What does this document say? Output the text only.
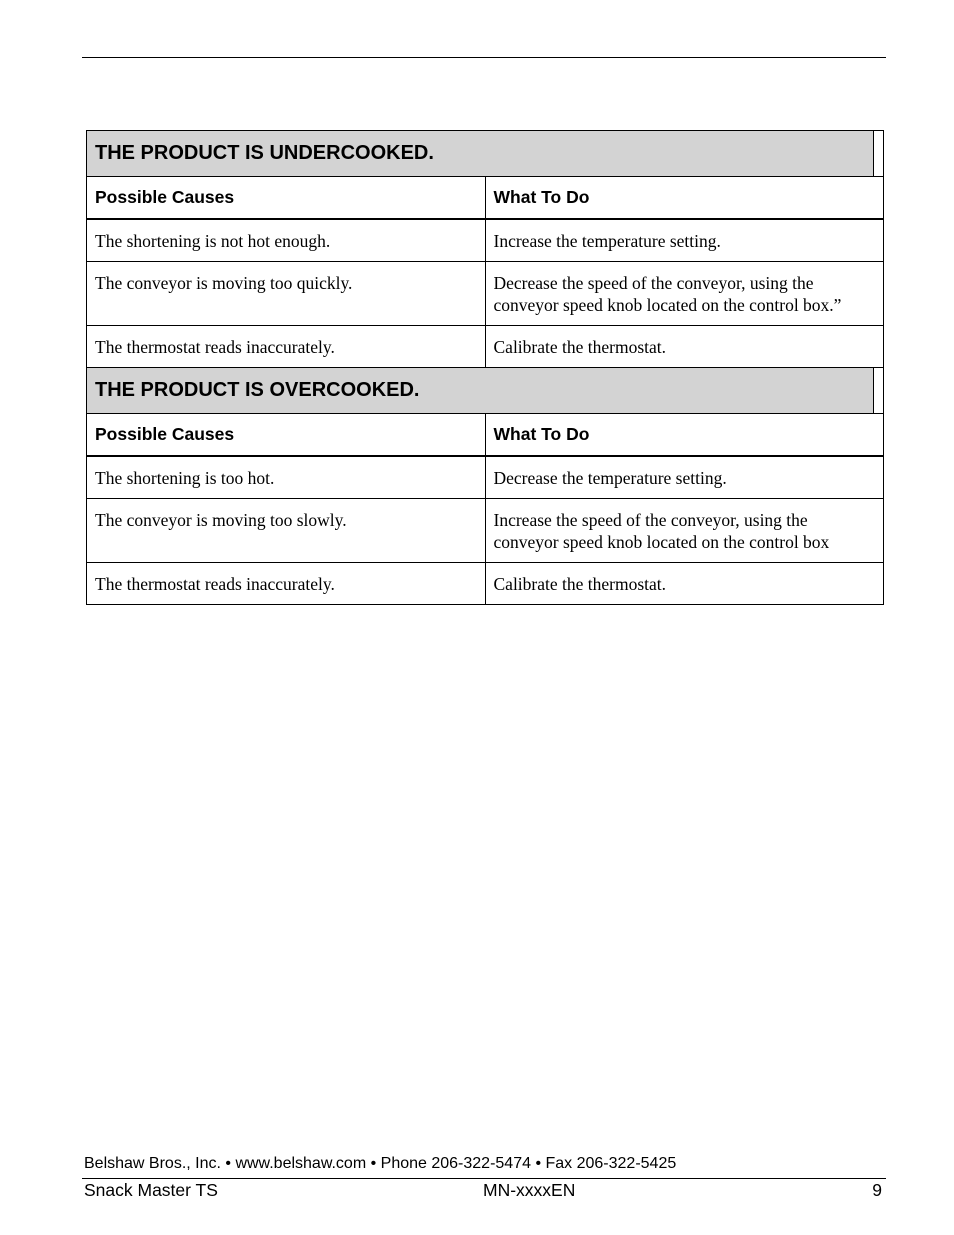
THE PRODUCT IS UNDERCOOKED.	
Possible Causes	What To Do
The shortening is not hot enough.	Increase the temperature setting.
The conveyor is moving too quickly.	Decrease the speed of the conveyor, using the conveyor speed knob located on the control box.”
The thermostat reads inaccurately.	Calibrate the thermostat.
THE PRODUCT IS OVERCOOKED.	
Possible Causes	What To Do
The shortening is too hot.	Decrease the temperature setting.
The conveyor is moving too slowly.	Increase the speed of the conveyor, using the conveyor speed knob located on the control box
The thermostat reads inaccurately.	Calibrate the thermostat.
Belshaw Bros., Inc. • www.belshaw.com • Phone 206-322-5474 • Fax 206-322-5425
Snack Master TS	MN-xxxxEN	9
